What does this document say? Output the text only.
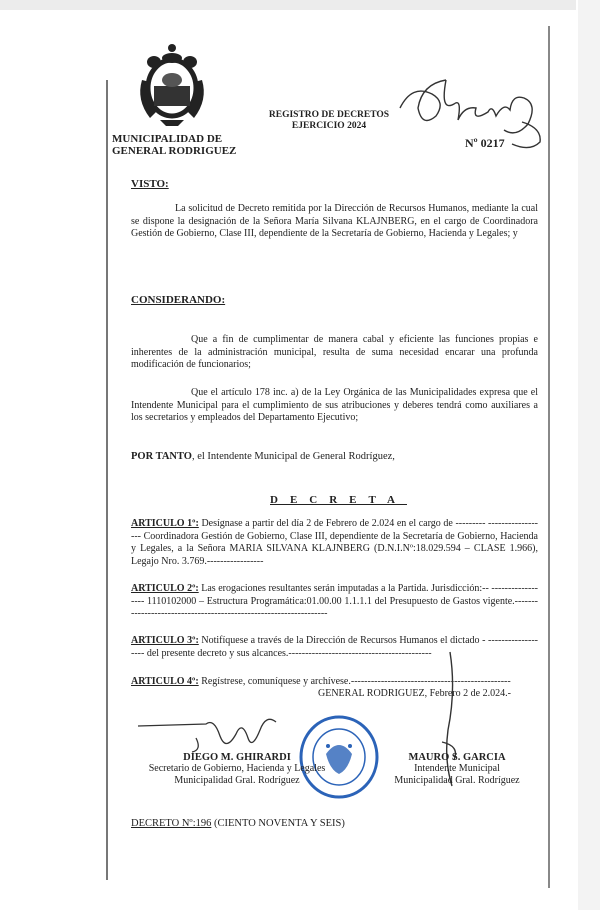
MUNICIPALIDAD DE
GENERAL RODRIGUEZ
REGISTRO DE DECRETOS
EJERCICIO 2024
Nº 0217
VISTO:
La solicitud de Decreto remitida por la Dirección de Recursos Humanos, mediante la cual se dispone la designación de la Señora María Silvana KLAJNBERG, en el cargo de Coordinadora Gestión de Gobierno, Clase III, dependiente de la Secretaría de Gobierno, Hacienda y Legales; y
CONSIDERANDO:
Que a fin de cumplimentar de manera cabal y eficiente las funciones propias e inherentes de la administración municipal, resulta de suma necesidad encarar una profunda modificación de funcionarios;
Que el artículo 178 inc. a) de la Ley Orgánica de las Municipalidades expresa que el Intendente Municipal para el cumplimiento de sus atribuciones y deberes tendrá como auxiliares a los secretarios y empleados del Departamento Ejecutivo;
POR TANTO, el Intendente Municipal de General Rodríguez,
DECRETA
ARTICULO 1º: Desígnase a partir del día 2 de Febrero de 2.024 en el cargo de --------- ------------------ Coordinadora Gestión de Gobierno, Clase III, dependiente de la Secretaría de Gobierno, Hacienda y Legales, a la Señora MARIA SILVANA KLAJNBERG (D.N.I.Nº:18.029.594 – CLASE 1.966), Legajo Nro. 3.769.-----------------
ARTICULO 2º: Las erogaciones resultantes serán imputadas a la Partida. Jurisdicción:-- ------------------ 1110102000 – Estructura Programática:01.00.00 1.1.1.1 del Presupuesto de Gastos vigente.------------------------------------------------------------------
ARTICULO 3º: Notifíquese a través de la Dirección de Recursos Humanos el dictado - ------------------- del presente decreto y sus alcances.-------------------------------------------
ARTICULO 4º: Regístrese, comuníquese y archívese.------------------------------------------------
GENERAL RODRIGUEZ, Febrero 2 de 2.024.-
DIEGO M. GHIRARDI
Secretario de Gobierno, Hacienda y Legales
Municipalidad Gral. Rodríguez
MAURO S. GARCIA
Intendente Municipal
Municipalidad Gral. Rodríguez
DECRETO Nº:196 (CIENTO NOVENTA Y SEIS)
